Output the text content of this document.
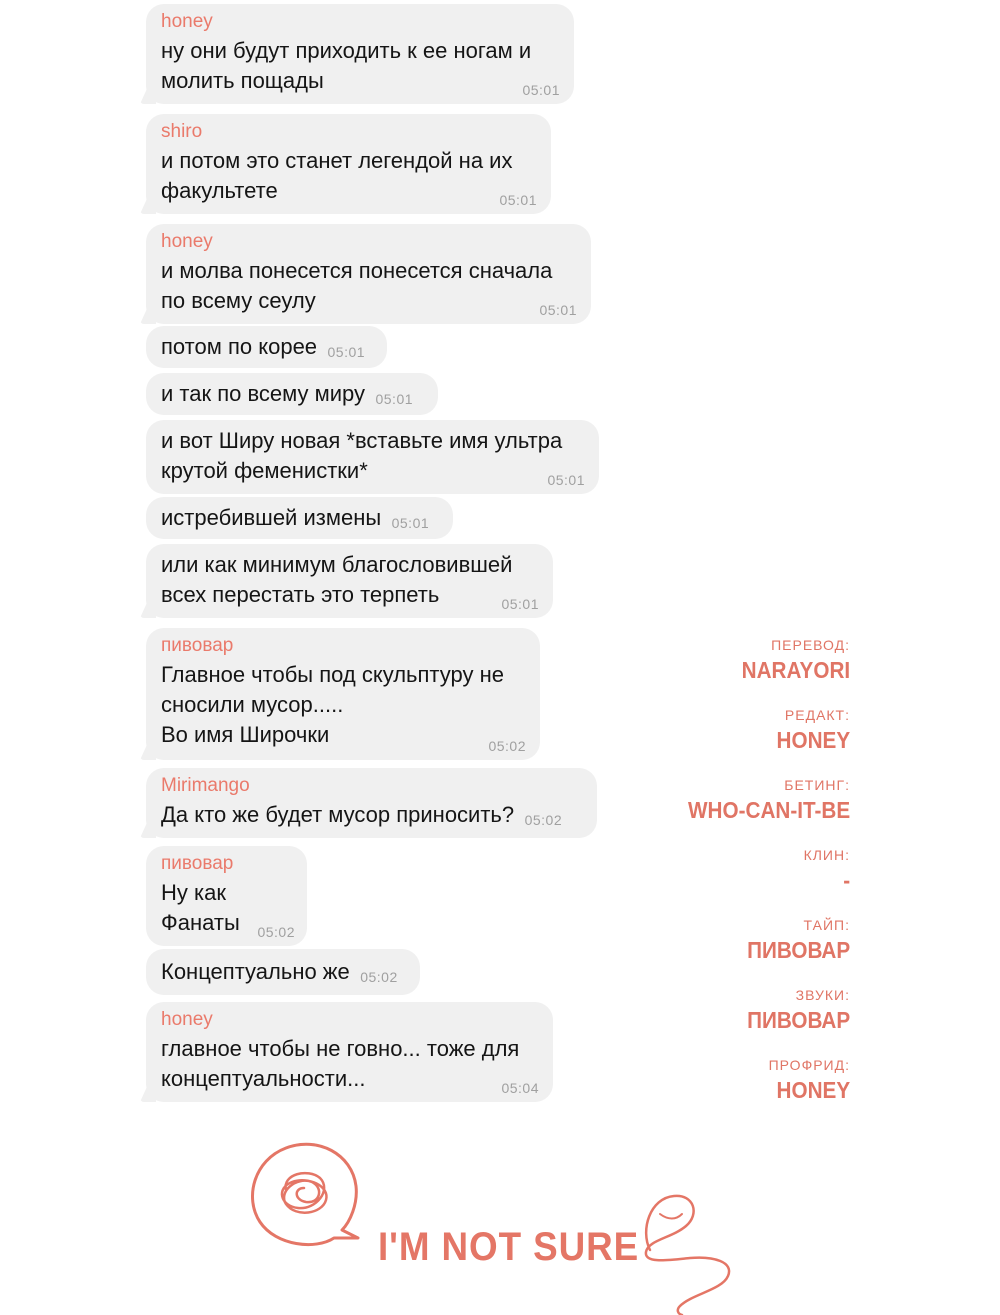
honey
ну они будут приходить к ее ногам и
молить пощады	05:01
shiro
и потом это станет легендой на их
факультете	05:01
honey
и молва понесется понесется сначала
по всему сеулу	05:01
потом по корее 05:01
и так по всему миру 05:01
и вот Ширу новая *вставьте имя ультра
крутой феменистки*	05:01
истребившей измены 05:01
или как минимум благословившей
всех перестать это терпеть	05:01
пивовар
Главное чтобы под скульптуру не
сносили мусор.....
Во имя Широчки	05:02
Mirimango
Да кто же будет мусор приносить? 05:02
пивовар
Ну как
Фанаты 05:02
Концептуально же 05:02
honey
главное чтобы не говно... тоже для
концептуальности...	05:04
ПЕРЕВОД:
NARAYORI
РЕДАКТ:
HONEY
БЕТИНГ:
WHO-CAN-IT-BE
КЛИН:
-
ТАЙП:
ПИВОВАР
ЗВУКИ:
ПИВОВАР
ПРОФРИД:
HONEY
I'M NOT SURE
